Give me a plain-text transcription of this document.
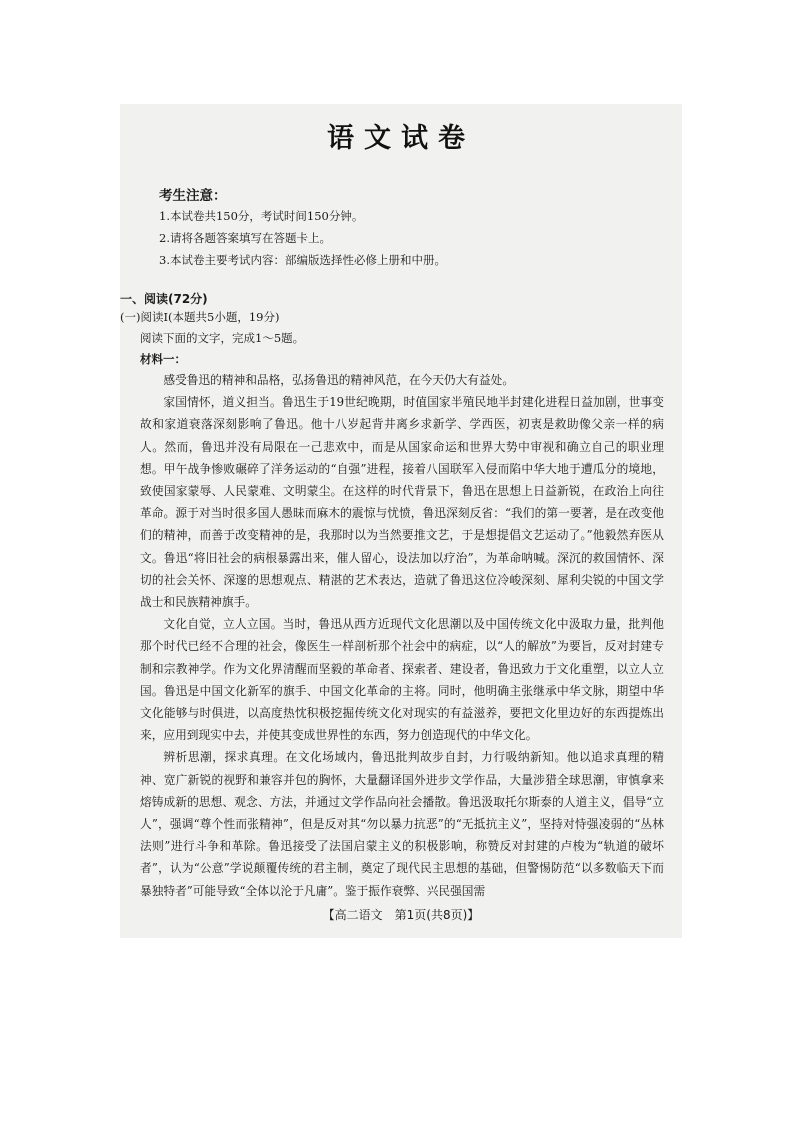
语文试卷
考生注意：
1.本试卷共150分，考试时间150分钟。
2.请将各题答案填写在答题卡上。
3.本试卷主要考试内容：部编版选择性必修上册和中册。
一、阅读(72分)
(一)阅读Ⅰ(本题共5小题，19分)
阅读下面的文字，完成1～5题。
材料一：

感受鲁迅的精神和品格，弘扬鲁迅的精神风范，在今天仍大有益处。

家国情怀，道义担当。鲁迅生于19世纪晚期，时值国家半殖民地半封建化进程日益加剧，世事变故和家道衰落深刻影响了鲁迅。他十八岁起背井离乡求新学、学西医，初衷是救助像父亲一样的病人。然而，鲁迅并没有局限在一己悲欢中，而是从国家命运和世界大势中审视和确立自己的职业理想。甲午战争惨败碾碎了洋务运动的“自强”进程，接着八国联军入侵而陷中华大地于遭瓜分的境地，致使国家蒙辱、人民蒙难、文明蒙尘。在这样的时代背景下，鲁迅在思想上日益新锐，在政治上向往革命。源于对当时很多国人愚昧而麻木的震惊与忧愤，鲁迅深刻反省：“我们的第一要著，是在改变他们的精神，而善于改变精神的是，我那时以为当然要推文艺，于是想提倡文艺运动了。”他毅然弃医从文。鲁迅“将旧社会的病根暴露出来，催人留心，设法加以疗治”，为革命呐喊。深沉的救国情怀、深切的社会关怀、深邃的思想观点、精湛的艺术表达，造就了鲁迅这位冷峻深刻、犀利尖锐的中国文学战士和民族精神旗手。

文化自觉，立人立国。当时，鲁迅从西方近现代文化思潮以及中国传统文化中汲取力量，批判他那个时代已经不合理的社会，像医生一样剖析那个社会中的病症，以“人的解放”为要旨，反对封建专制和宗教神学。作为文化界清醒而坚毅的革命者、探索者、建设者，鲁迅致力于文化重塑，以立人立国。鲁迅是中国文化新军的旗手、中国文化革命的主将。同时，他明确主张继承中华文脉，期望中华文化能够与时俱进，以高度热忱积极挖掘传统文化对现实的有益滋养，要把文化里边好的东西提炼出来，应用到现实中去，并使其变成世界性的东西，努力创造现代的中华文化。

辨析思潮，探求真理。在文化场域内，鲁迅批判故步自封，力行吸纳新知。他以追求真理的精神、宽广新锐的视野和兼容并包的胸怀，大量翻译国外进步文学作品，大量涉猎全球思潮，审慎拿来熔铸成新的思想、观念、方法，并通过文学作品向社会播散。鲁迅汲取托尔斯泰的人道主义，倡导“立人”，强调“尊个性而张精神”，但是反对其“勿以暴力抗恶”的“无抵抗主义”，坚持对恃强凌弱的“丛林法则”进行斗争和革除。鲁迅接受了法国启蒙主义的积极影响，称赞反对封建的卢梭为“轨道的破坏者”，认为“公意”学说颠覆传统的君主制，奠定了现代民主思想的基础，但警惕防范“以多数临天下而暴独特者”可能导致“全体以沦于凡庸”。鉴于振作衰弊、兴民强国需

【高二语文　第1页(共8页)】
